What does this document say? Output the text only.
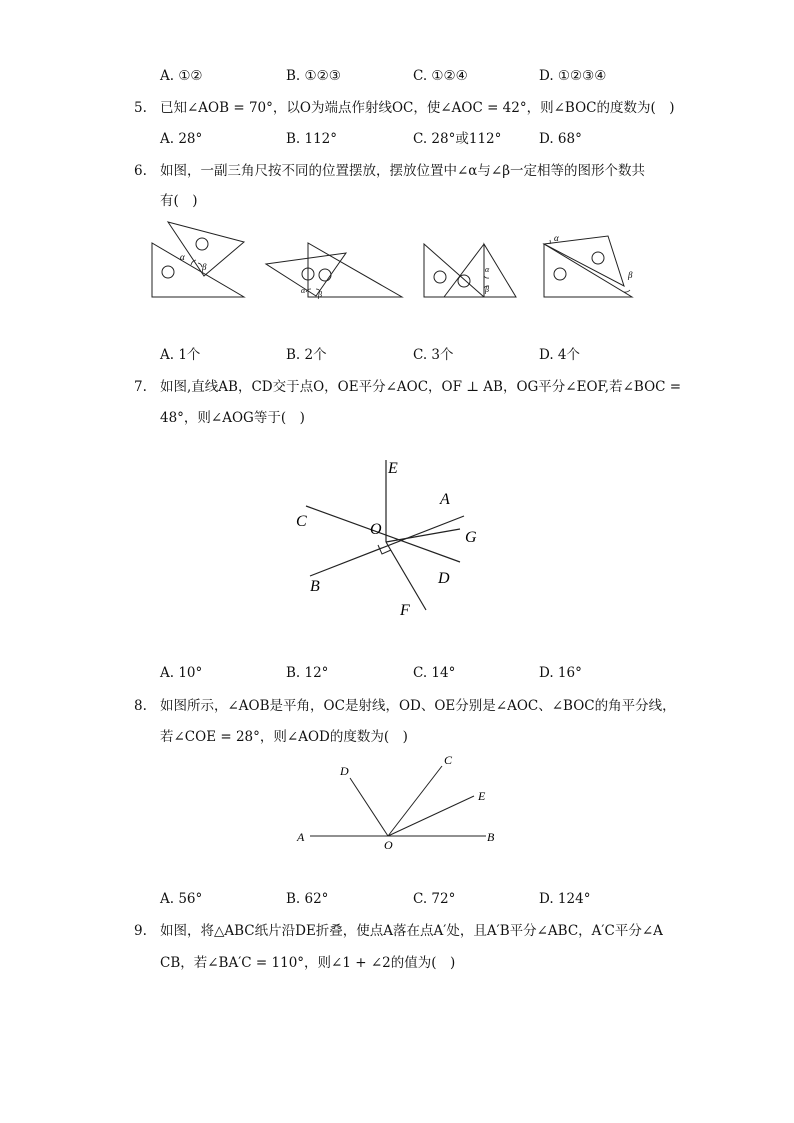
A. ①②	B. ①②③	C. ①②④	D. ①②③④
5. 已知∠AOB = 70°，以O为端点作射线OC，使∠AOC = 42°，则∠BOC的度数为(　)
A. 28°	B. 112°	C. 28°或112°	D. 68°
6. 如图，一副三角尺按不同的位置摆放，摆放位置中∠α与∠β一定相等的图形个数共
有(　)
α
β
α β
α
β
α
β
A. 1个	B. 2个	C. 3个	D. 4个
7. 如图,直线AB，CD交于点O，OE平分∠AOC，OF ⊥ AB，OG平分∠EOF,若∠BOC =
48°，则∠AOG等于(　)
E
A
C	O	G
B	D
F
A. 10°	B. 12°	C. 14°	D. 16°
8. 如图所示，∠AOB是平角，OC是射线，OD、OE分别是∠AOC、∠BOC的角平分线，
若∠COE = 28°，则∠AOD的度数为(　)
D
C
E
A
O
B
A. 56°	B. 62°	C. 72°	D. 124°
9. 如图，将△ABC纸片沿DE折叠，使点A落在点A′处，且A′B平分∠ABC，A′C平分∠A
CB，若∠BA′C = 110°，则∠1 + ∠2的值为(　)
